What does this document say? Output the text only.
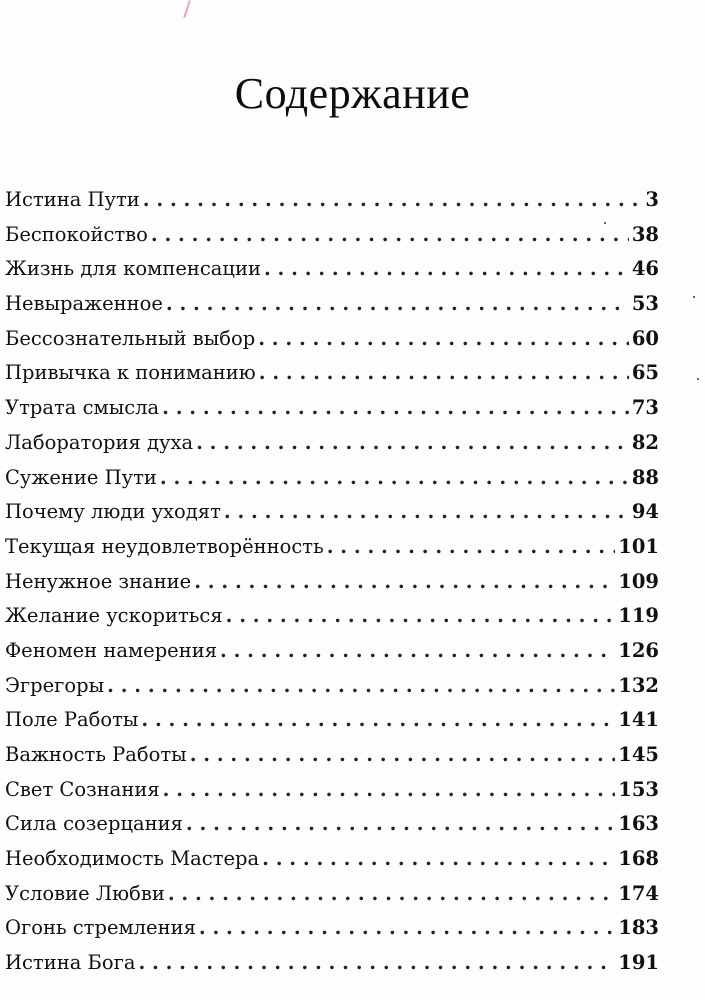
Содержание
Истина Пути . . .	3
Беспокойство . . .	38
Жизнь для компенсации . . .	46
Невыраженное . . .	53
Бессознательный выбор . . .	60
Привычка к пониманию . . .	65
Утрата смысла . . .	73
Лаборатория духа . . .	82
Сужение Пути . . .	88
Почему люди уходят . . .	94
Текущая неудовлетворённость . . .	101
Ненужное знание . . .	109
Желание ускориться . . .	119
Феномен намерения . . .	126
Эгрегоры . . .	132
Поле Работы . . .	141
Важность Работы . . .	145
Свет Сознания . . .	153
Сила созерцания . . .	163
Необходимость Мастера . . .	168
Условие Любви . . .	174
Огонь стремления . . .	183
Истина Бога . . .	191
